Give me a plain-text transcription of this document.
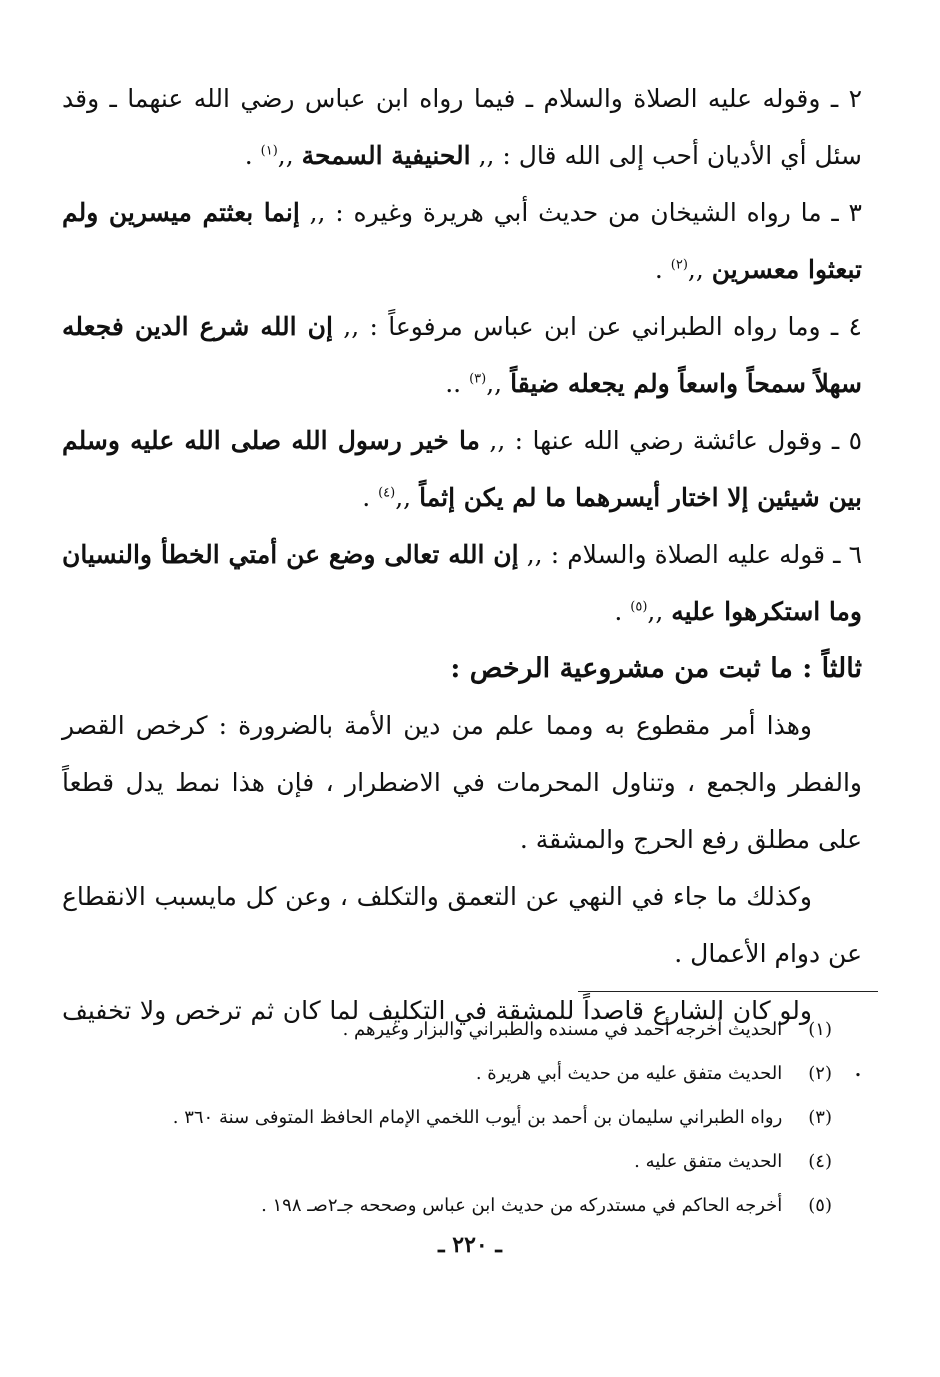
٢ ـ وقوله عليه الصلاة والسلام ـ فيما رواه ابن عباس رضي الله عنهما ـ وقد سئل أي الأديان أحب إلى الله قال : ,, الحنيفية السمحة ,,$^{(١)}$ .

٣ ـ ما رواه الشيخان من حديث أبي هريرة وغيره : ,, إنما بعثتم ميسرين ولم تبعثوا معسرين ,,$^{(٢)}$ .

٤ ـ وما رواه الطبراني عن ابن عباس مرفوعاً : ,, إن الله شرع الدين فجعله سهلاً سمحاً واسعاً ولم يجعله ضيقاً ,,$^{(٣)}$ ..

٥ ـ وقول عائشة رضي الله عنها : ,, ما خير رسول الله صلى الله عليه وسلم بين شيئين إلا اختار أيسرهما ما لم يكن إثماً ,,$^{(٤)}$ .

٦ ـ قوله عليه الصلاة والسلام : ,, إن الله تعالى وضع عن أمتي الخطأ والنسيان وما استكرهوا عليه ,,$^{(٥)}$ .

ثالثاً : ما ثبت من مشروعية الرخص :

وهذا أمر مقطوع به ومما علم من دين الأمة بالضرورة : كرخص القصر والفطر والجمع ، وتناول المحرمات في الاضطرار ، فإن هذا نمط يدل قطعاً على مطلق رفع الحرج والمشقة .

وكذلك ما جاء في النهي عن التعمق والتكلف ، وعن كل مايسبب الانقطاع عن دوام الأعمال .

ولو كان الشارع قاصداً للمشقة في التكليف لما كان ثم ترخص ولا تخفيف .

(١) الحديث أخرجه أحمد في مسنده والطبراني والبزار وغيرهم .
(٢) الحديث متفق عليه من حديث أبي هريرة .
(٣) رواه الطبراني سليمان بن أحمد بن أيوب اللخمي الإمام الحافظ المتوفى سنة ٣٦٠ .
(٤) الحديث متفق عليه .
(٥) أخرجه الحاكم في مستدركه من حديث ابن عباس وصححه جـ٢صـ ١٩٨ .
ـ ٢٢٠ ـ
